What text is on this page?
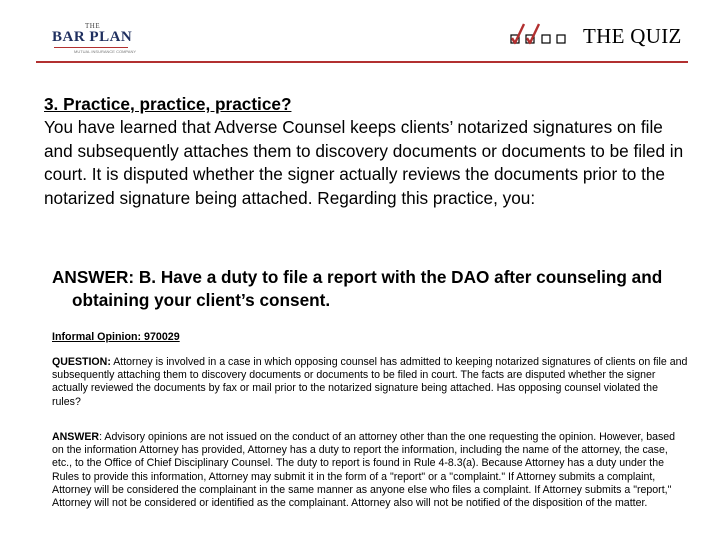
THE
BAR PLAN
MUTUAL INSURANCE COMPANY
THE QUIZ
3. Practice, practice, practice?
You have learned that Adverse Counsel keeps clients’ notarized signatures on file and subsequently attaches them to discovery documents or documents to be filed in court. It is disputed whether the signer actually reviews the documents prior to the notarized signature being attached. Regarding this practice, you:
ANSWER: B. Have a duty to file a report with the DAO after counseling and obtaining your client’s consent.
Informal Opinion: 970029
QUESTION: Attorney is involved in a case in which opposing counsel has admitted to keeping notarized signatures of clients on file and subsequently attaching them to discovery documents or documents to be filed in court. The facts are disputed whether the signer actually reviewed the documents by fax or mail prior to the notarized signature being attached. Has opposing counsel violated the rules?
ANSWER: Advisory opinions are not issued on the conduct of an attorney other than the one requesting the opinion. However, based on the information Attorney has provided, Attorney has a duty to report the information, including the name of the attorney, the case, etc., to the Office of Chief Disciplinary Counsel. The duty to report is found in Rule 4-8.3(a). Because Attorney has a duty under the Rules to provide this information, Attorney may submit it in the form of a "report" or a "complaint." If Attorney submits a complaint, Attorney will be considered the complainant in the same manner as anyone else who files a complaint. If Attorney submits a "report," Attorney will not be considered or identified as the complainant. Attorney also will not be notified of the disposition of the matter.
